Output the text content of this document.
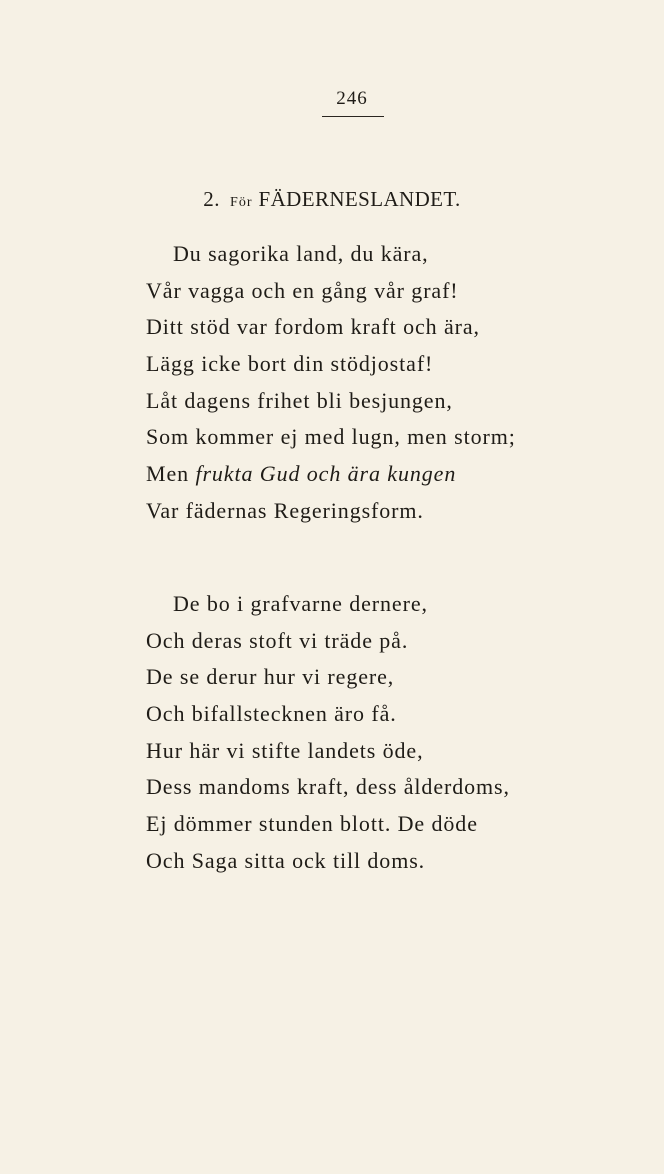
246
2. För FÄDERNESLANDET.
Du sagorika land, du kära,
Vår vagga och en gång vår graf!
Ditt stöd var fordom kraft och ära,
Lägg icke bort din stödjostaf!
Låt dagens frihet bli besjungen,
Som kommer ej med lugn, men storm;
Men frukta Gud och ära kungen
Var fädernas Regeringsform.
De bo i grafvarne dernere,
Och deras stoft vi träde på.
De se derur hur vi regere,
Och bifallstecknen äro få.
Hur här vi stifte landets öde,
Dess mandoms kraft, dess ålderdoms,
Ej dömmer stunden blott. De döde
Och Saga sitta ock till doms.
